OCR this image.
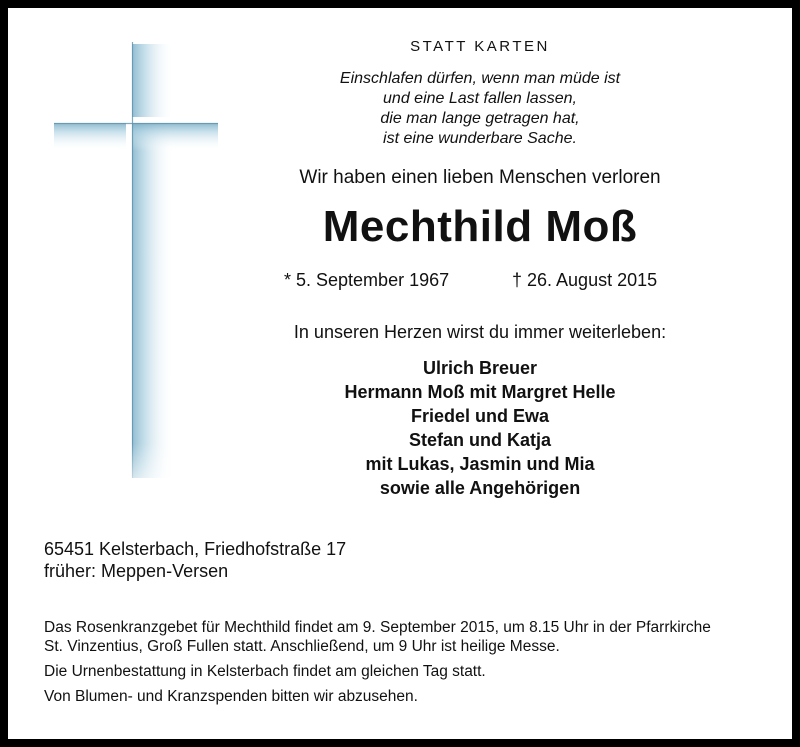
STATT KARTEN
Einschlafen dürfen, wenn man müde ist
und eine Last fallen lassen,
die man lange getragen hat,
ist eine wunderbare Sache.
Wir haben einen lieben Menschen verloren
Mechthild Moß
* 5. September 1967	† 26. August 2015
In unseren Herzen wirst du immer weiterleben:
Ulrich Breuer
Hermann Moß mit Margret Helle
Friedel und Ewa
Stefan und Katja
mit Lukas, Jasmin und Mia
sowie alle Angehörigen
65451 Kelsterbach, Friedhofstraße 17
früher: Meppen-Versen

Das Rosenkranzgebet für Mechthild findet am 9. September 2015, um 8.15 Uhr in der Pfarrkirche

St. Vinzentius, Groß Fullen statt. Anschließend, um 9 Uhr ist heilige Messe.

Die Urnenbestattung in Kelsterbach findet am gleichen Tag statt.

Von Blumen- und Kranzspenden bitten wir abzusehen.
